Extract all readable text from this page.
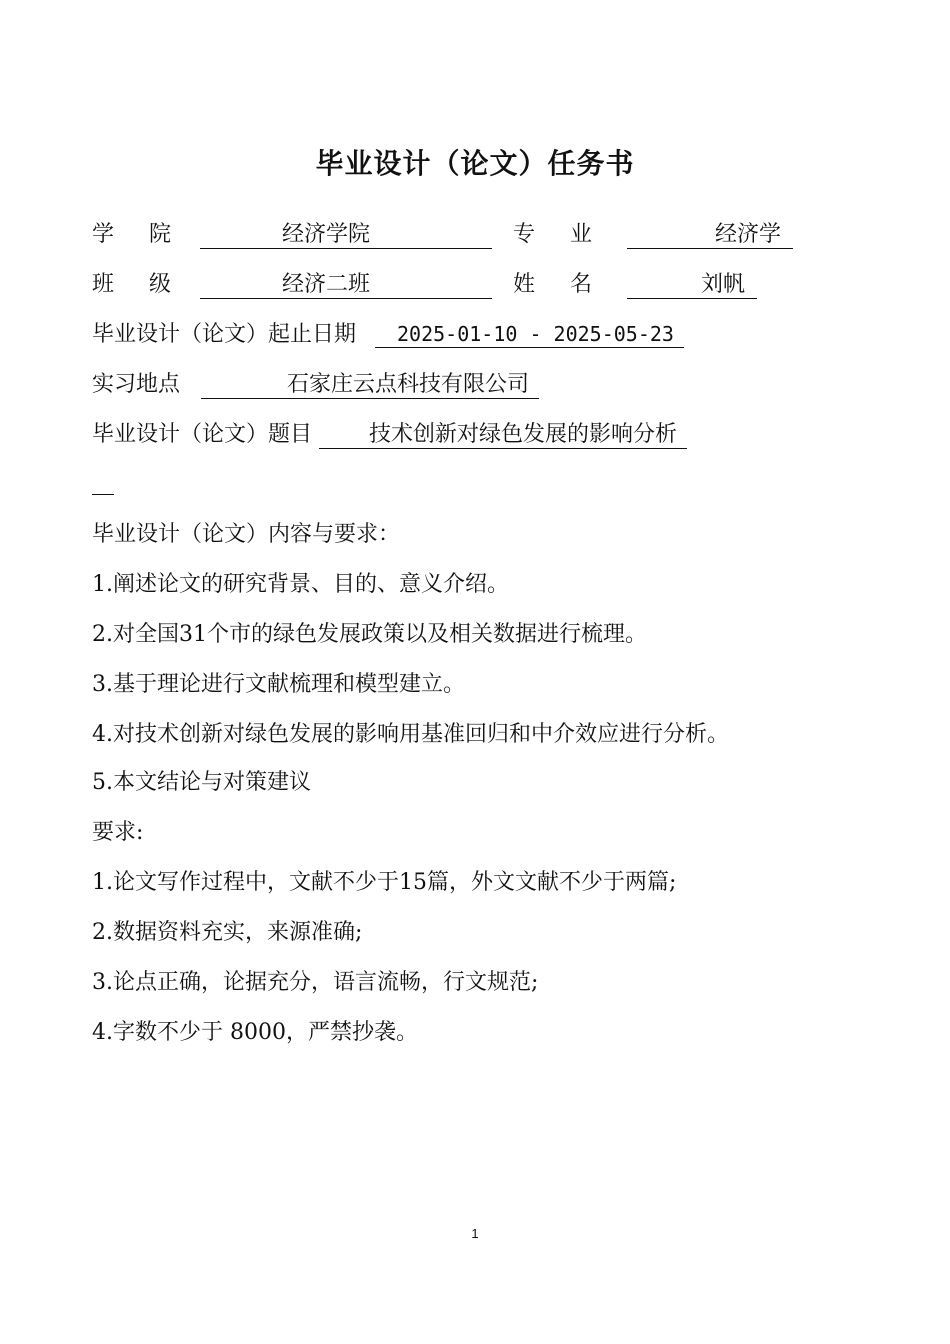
毕业设计（论文）任务书
学 院	经济学院	专 业	经济学
班 级	经济二班	姓 名	刘帆
毕业设计（论文）起止日期 2025-01-10 - 2025-05-23
实习地点	石家庄云点科技有限公司
毕业设计（论文）题目	技术创新对绿色发展的影响分析
毕业设计（论文）内容与要求：
1.阐述论文的研究背景、目的、意义介绍。
2.对全国31个市的绿色发展政策以及相关数据进行梳理。
3.基于理论进行文献梳理和模型建立。
4.对技术创新对绿色发展的影响用基准回归和中介效应进行分析。
5.本文结论与对策建议
要求:
1.论文写作过程中，文献不少于15篇，外文文献不少于两篇;
2.数据资料充实，来源准确;
3.论点正确，论据充分，语言流畅，行文规范;
4.字数不少于 8000，严禁抄袭。
1
